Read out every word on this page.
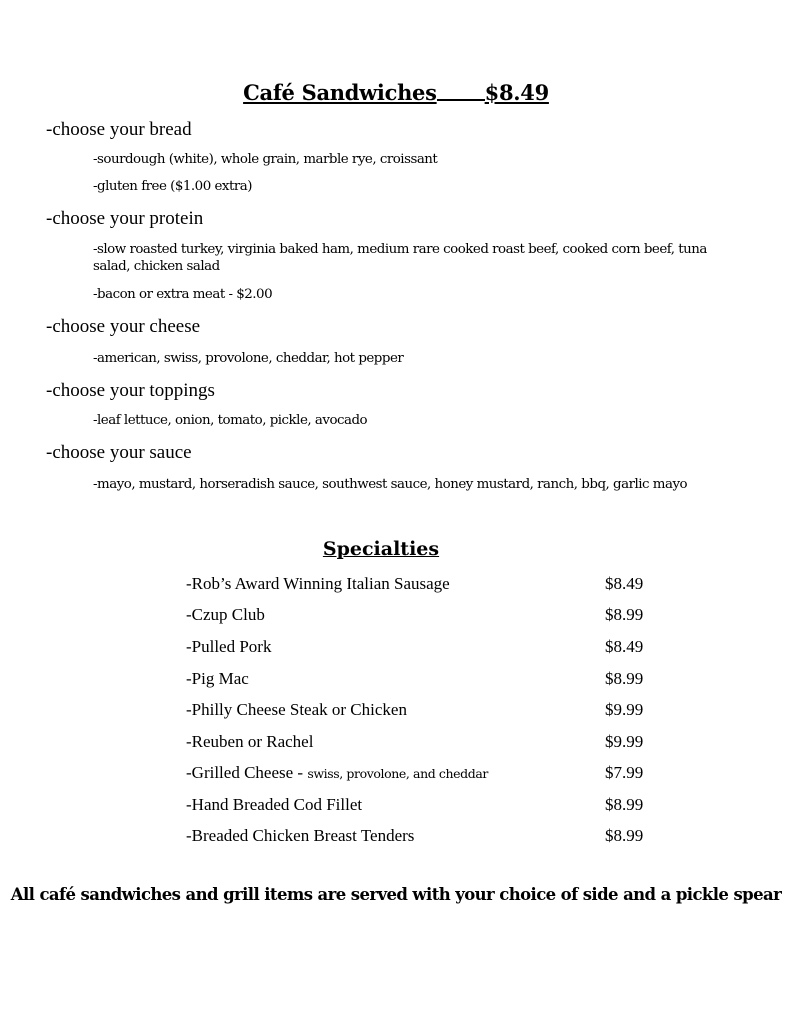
Café Sandwiches $8.49
-choose your bread
-sourdough (white), whole grain, marble rye, croissant
-gluten free ($1.00 extra)
-choose your protein
-slow roasted turkey, virginia baked ham, medium rare cooked roast beef, cooked corn beef, tuna salad, chicken salad
-bacon or extra meat - $2.00
-choose your cheese
-american, swiss, provolone, cheddar, hot pepper
-choose your toppings
-leaf lettuce, onion, tomato, pickle, avocado
-choose your sauce
-mayo, mustard, horseradish sauce, southwest sauce, honey mustard, ranch, bbq, garlic mayo
Specialties
-Rob’s Award Winning Italian Sausage	$8.49
-Czup Club	$8.99
-Pulled Pork	$8.49
-Pig Mac	$8.99
-Philly Cheese Steak or Chicken	$9.99
-Reuben or Rachel	$9.99
-Grilled Cheese - swiss, provolone, and cheddar	$7.99
-Hand Breaded Cod Fillet	$8.99
-Breaded Chicken Breast Tenders	$8.99
All café sandwiches and grill items are served with your choice of side and a pickle spear
